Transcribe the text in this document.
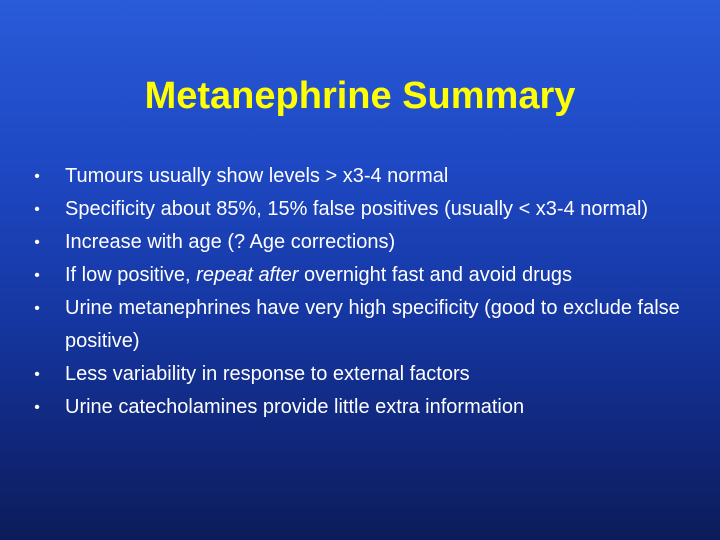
Metanephrine Summary
• Tumours usually show levels > x3-4 normal
• Specificity about 85%, 15% false positives (usually < x3-4 normal)
• Increase with age (? Age corrections)
• If low positive, repeat after overnight fast and avoid drugs
• Urine metanephrines have very high specificity (good to exclude false positive)
• Less variability in response to external factors
• Urine catecholamines provide little extra information
